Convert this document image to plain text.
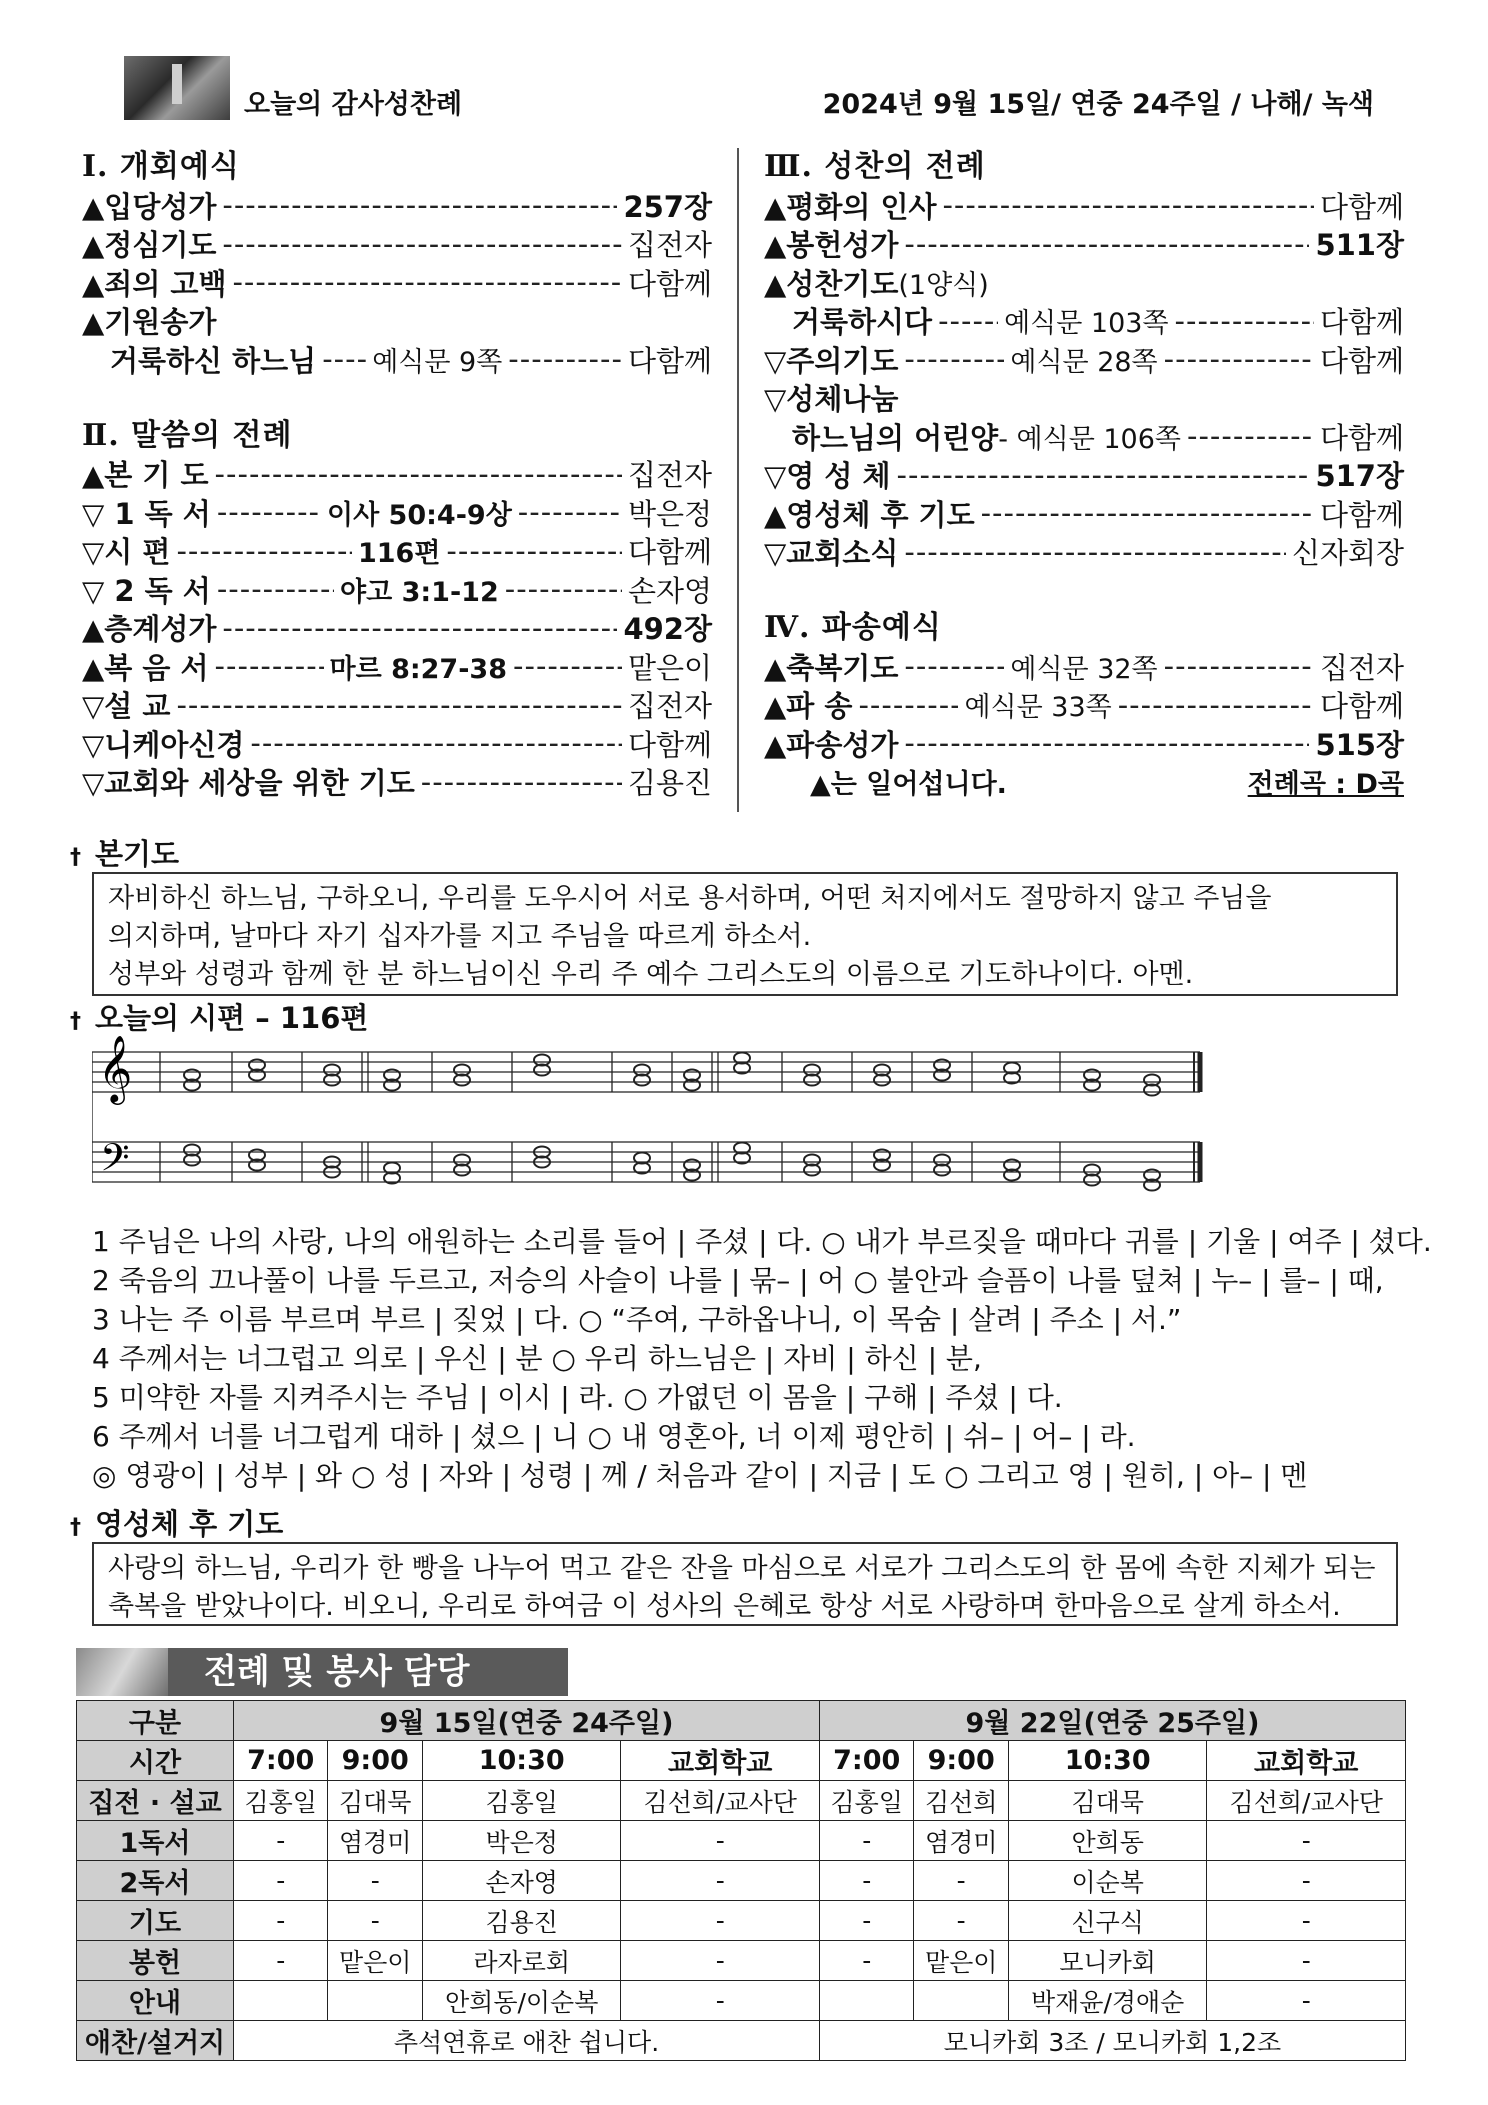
오늘의 감사성찬례	2024년 9월 15일/ 연중 24주일 / 나해/ 녹색
Ⅰ. 개회예식
▲입당성가 -----	257장
▲정심기도 -----	집전자
▲죄의 고백 -----	다함께
▲기원송가
거룩하신 하느님 ----- 예식문 9쪽 -----	다함께
Ⅱ. 말씀의 전례
▲본 기 도 -----	집전자
▽ 1 독 서 -----	이사 50:4-9상 -----	박은정
▽시 편 -----	116편 -----	다함께
▽ 2 독 서 -----	야고 3:1-12 -----	손자영
▲층계성가 -----	492장
▲복 음 서 -----	마르 8:27-38 -----	맡은이
▽설 교 -----	집전자
▽니케아신경 -----	다함께
▽교회와 세상을 위한 기도 -----	김용진
Ⅲ. 성찬의 전례
▲평화의 인사 -----	다함께
▲봉헌성가 -----	511장
▲성찬기도 (1양식)
거룩하시다 -----	예식문 103쪽 -----	다함께
▽주의기도 -----	예식문 28쪽 -----	다함께
▽성체나눔
하느님의 어린양 - 예식문 106쪽 -----	다함께
▽영 성 체 -----	517장
▲영성체 후 기도 -----	다함께
▽교회소식 -----	신자회장
Ⅳ. 파송예식
▲축복기도 -----	예식문 32쪽 -----	집전자
▲파 송 -----	예식문 33쪽 -----	다함께
▲파송성가 -----	515장
▲는 일어섭니다.	전례곡 : D곡
† 본기도
자비하신 하느님, 구하오니, 우리를 도우시어 서로 용서하며, 어떤 처지에서도 절망하지 않고 주님을
의지하며, 날마다 자기 십자가를 지고 주님을 따르게 하소서.
성부와 성령과 함께 한 분 하느님이신 우리 주 예수 그리스도의 이름으로 기도하나이다. 아멘.
† 오늘의 시편 – 116편
𝄞
𝄢
1 주님은 나의 사랑, 나의 애원하는 소리를 들어 | 주셨 | 다. ○ 내가 부르짖을 때마다 귀를 | 기울 | 여주 | 셨다.
2 죽음의 끄나풀이 나를 두르고, 저승의 사슬이 나를 | 묶– | 어 ○ 불안과 슬픔이 나를 덮쳐 | 누– | 를– | 때,
3 나는 주 이름 부르며 부르 | 짖었 | 다. ○ “주여, 구하옵나니, 이 목숨 | 살려 | 주소 | 서.”
4 주께서는 너그럽고 의로 | 우신 | 분 ○ 우리 하느님은 | 자비 | 하신 | 분,
5 미약한 자를 지켜주시는 주님 | 이시 | 라. ○ 가엾던 이 몸을 | 구해 | 주셨 | 다.
6 주께서 너를 너그럽게 대하 | 셨으 | 니 ○ 내 영혼아, 너 이제 평안히 | 쉬– | 어– | 라.
◎ 영광이 | 성부 | 와 ○ 성 | 자와 | 성령 | 께 / 처음과 같이 | 지금 | 도 ○ 그리고 영 | 원히, | 아– | 멘
† 영성체 후 기도
사랑의 하느님, 우리가 한 빵을 나누어 먹고 같은 잔을 마심으로 서로가 그리스도의 한 몸에 속한 지체가 되는
축복을 받았나이다. 비오니, 우리로 하여금 이 성사의 은혜로 항상 서로 사랑하며 한마음으로 살게 하소서.
전례 및 봉사 담당
구분	9월 15일(연중 24주일)				9월 22일(연중 25주일)			
시간	7:00	9:00	10:30	교회학교	7:00	9:00	10:30	교회학교
집전 · 설교	김홍일	김대묵	김홍일	김선희/교사단	김홍일	김선희	김대묵	김선희/교사단
1독서	-	염경미	박은정	-	-	염경미	안희동	-
2독서	-	-	손자영	-	-	-	이순복	-
기도	-	-	김용진	-	-	-	신구식	-
봉헌	-	맡은이	라자로회	-	-	맡은이	모니카회	-
안내			안희동/이순복	-			박재윤/경애순	-
애찬/설거지	추석연휴로 애찬 쉽니다.				모니카회 3조 / 모니카회 1,2조			
